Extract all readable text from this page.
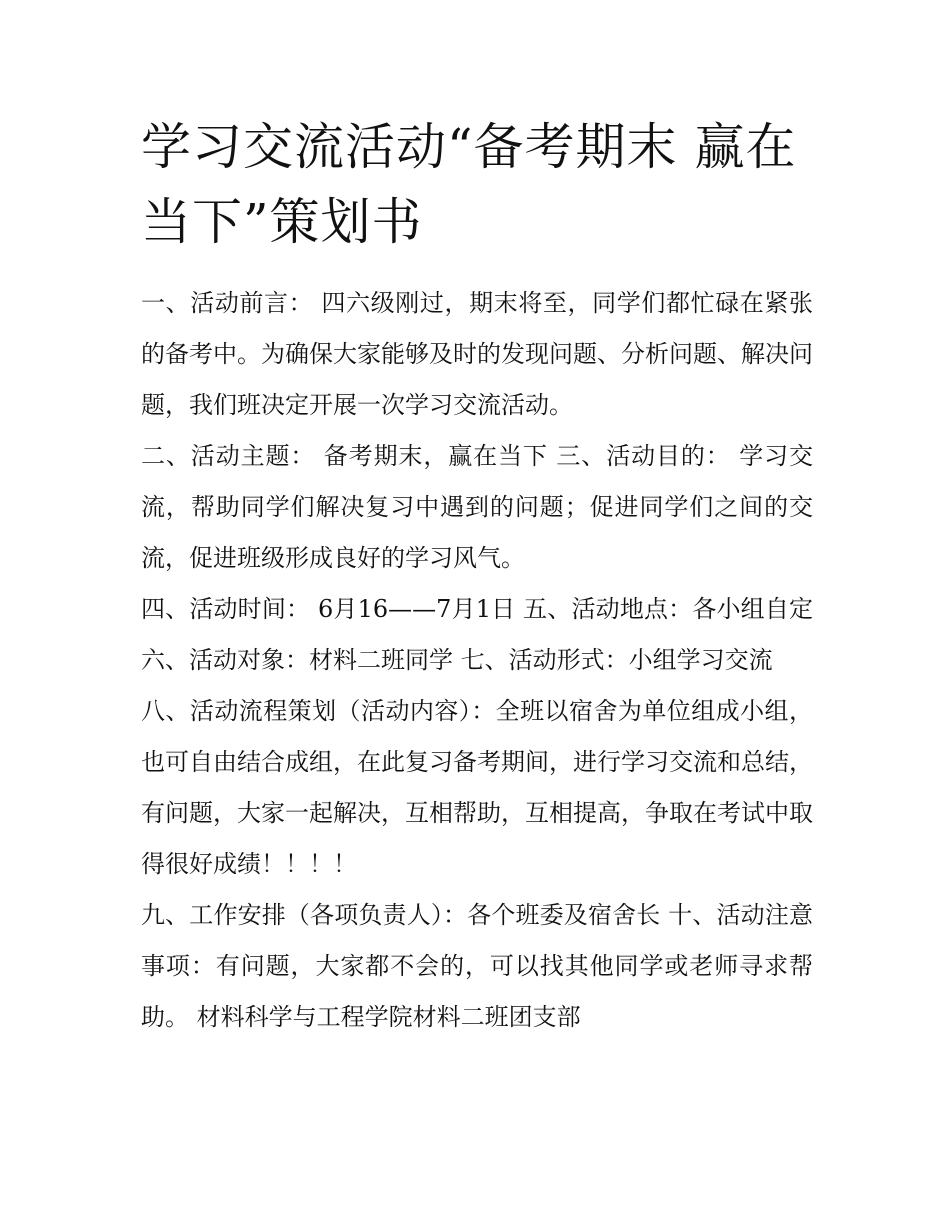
学习交流活动“备考期末 赢在当下”策划书

一、活动前言： 四六级刚过，期末将至，同学们都忙碌在紧张的备考中。为确保大家能够及时的发现问题、分析问题、解决问题，我们班决定开展一次学习交流活动。

二、活动主题： 备考期末，赢在当下 三、活动目的： 学习交流，帮助同学们解决复习中遇到的问题；促进同学们之间的交流，促进班级形成良好的学习风气。

四、活动时间： 6月16——7月1日 五、活动地点：各小组自定 六、活动对象：材料二班同学 七、活动形式：小组学习交流

八、活动流程策划（活动内容）：全班以宿舍为单位组成小组，也可自由结合成组，在此复习备考期间，进行学习交流和总结，有问题，大家一起解决，互相帮助，互相提高，争取在考试中取得很好成绩！！！！

九、工作安排（各项负责人）：各个班委及宿舍长 十、活动注意事项：有问题，大家都不会的，可以找其他同学或老师寻求帮助。 材料科学与工程学院材料二班团支部
